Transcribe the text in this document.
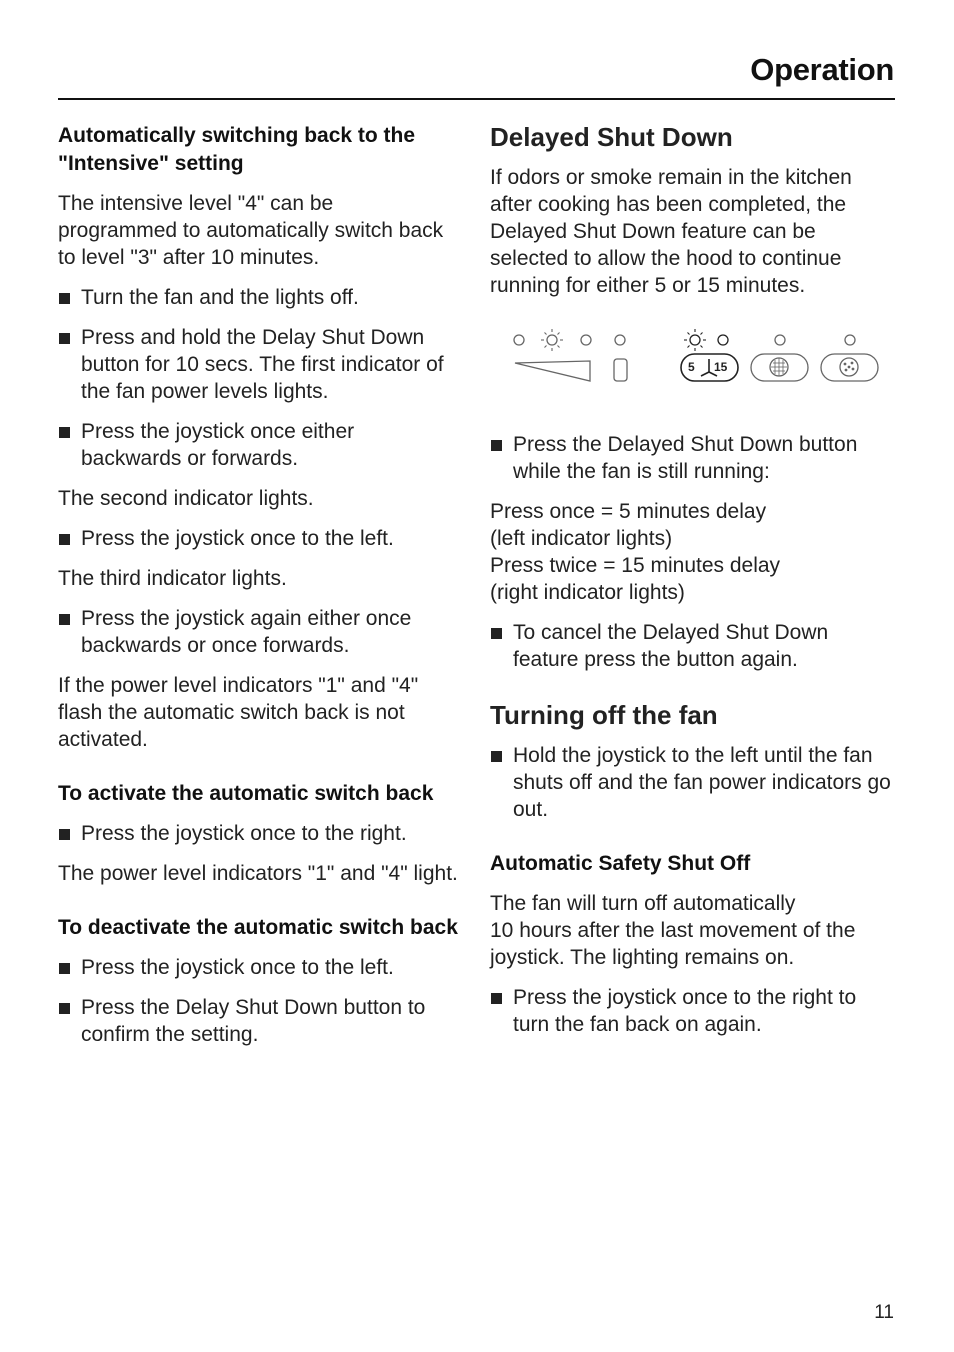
Operation
Automatically switching back to the "Intensive" setting

The intensive level "4" can be programmed to automatically switch back to level "3" after 10 minutes.

Turn the fan and the lights off.
Press and hold the Delay Shut Down button for 10 secs. The first indicator of the fan power levels lights.
Press the joystick once either backwards or forwards.

The second indicator lights.

Press the joystick once to the left.

The third indicator lights.

Press the joystick again either once backwards or once forwards.

If the power level indicators "1" and "4" flash the automatic switch back is not activated.

To activate the automatic switch back
Press the joystick once to the right.

The power level indicators "1" and "4" light.

To deactivate the automatic switch back
Press the joystick once to the left.
Press the Delay Shut Down button to confirm the setting.
Delayed Shut Down

If odors or smoke remain in the kitchen after cooking has been completed, the Delayed Shut Down feature can be selected to allow the hood to continue running for either 5 or 15 minutes.

5 15
Press the Delayed Shut Down button while the fan is still running:

Press once = 5 minutes delay

(left indicator lights)

Press twice = 15 minutes delay

(right indicator lights)

To cancel the Delayed Shut Down feature press the button again.
Turning off the fan
Hold the joystick to the left until the fan shuts off and the fan power indicators go out.
Automatic Safety Shut Off

The fan will turn off automatically

10 hours after the last movement of the joystick. The lighting remains on.

Press the joystick once to the right to turn the fan back on again.
11
